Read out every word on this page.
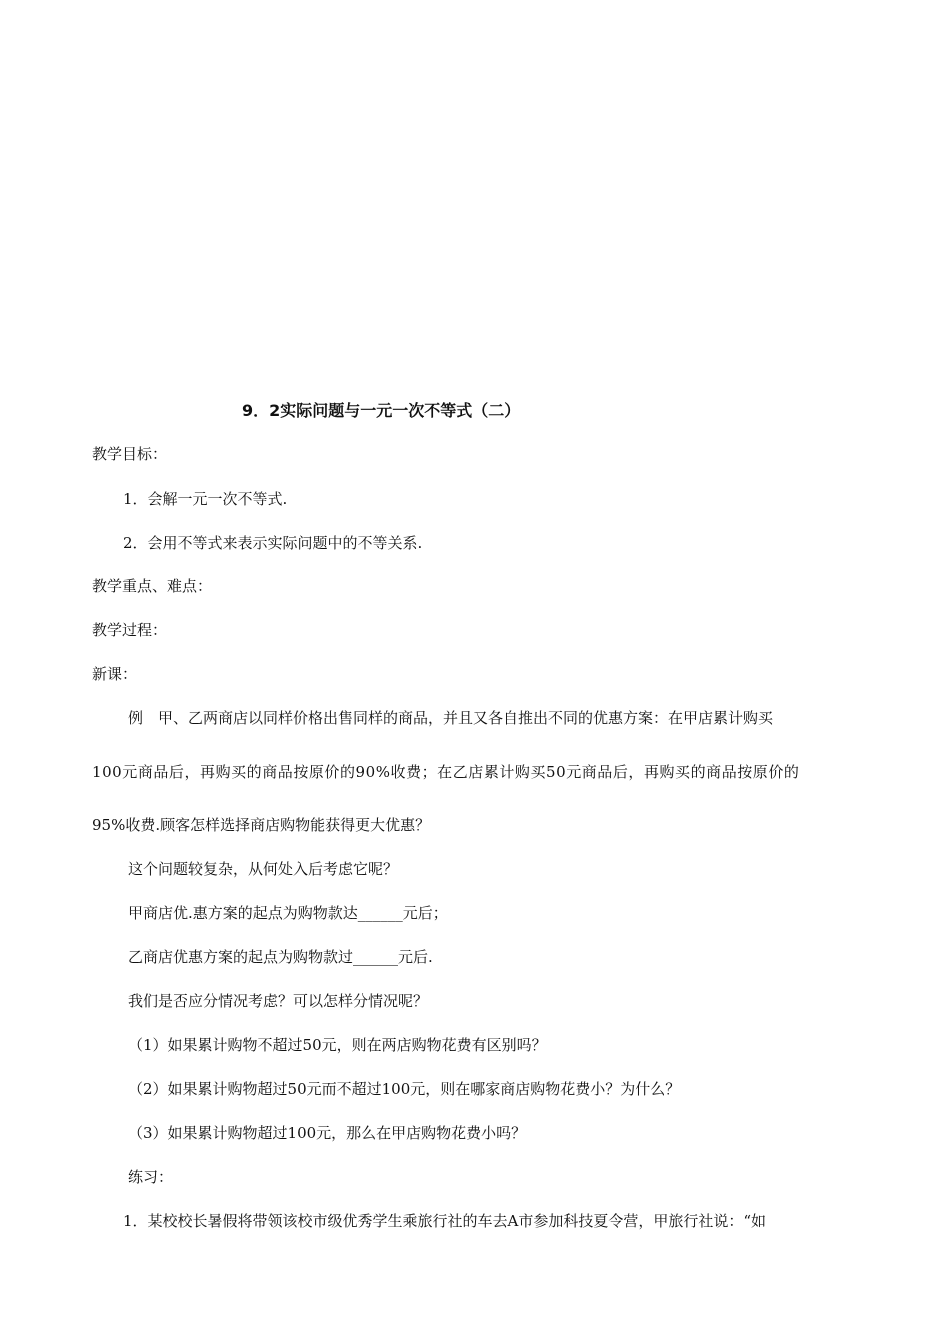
9．2实际问题与一元一次不等式（二）
教学目标：
1．会解一元一次不等式.
2．会用不等式来表示实际问题中的不等关系.
教学重点、难点：
教学过程：
新课：
例　甲、乙两商店以同样价格出售同样的商品，并且又各自推出不同的优惠方案：在甲店累计购买
100元商品后，再购买的商品按原价的90%收费；在乙店累计购买50元商品后，再购买的商品按原价的
95%收费.顾客怎样选择商店购物能获得更大优惠？
这个问题较复杂，从何处入后考虑它呢？
甲商店优.惠方案的起点为购物款达______元后；
乙商店优惠方案的起点为购物款过______元后.
我们是否应分情况考虑？可以怎样分情况呢？
（1）如果累计购物不超过50元，则在两店购物花费有区别吗？
（2）如果累计购物超过50元而不超过100元，则在哪家商店购物花费小？为什么？
（3）如果累计购物超过100元，那么在甲店购物花费小吗？
练习：
1．某校校长暑假将带领该校市级优秀学生乘旅行社的车去A市参加科技夏令营，甲旅行社说：“如
